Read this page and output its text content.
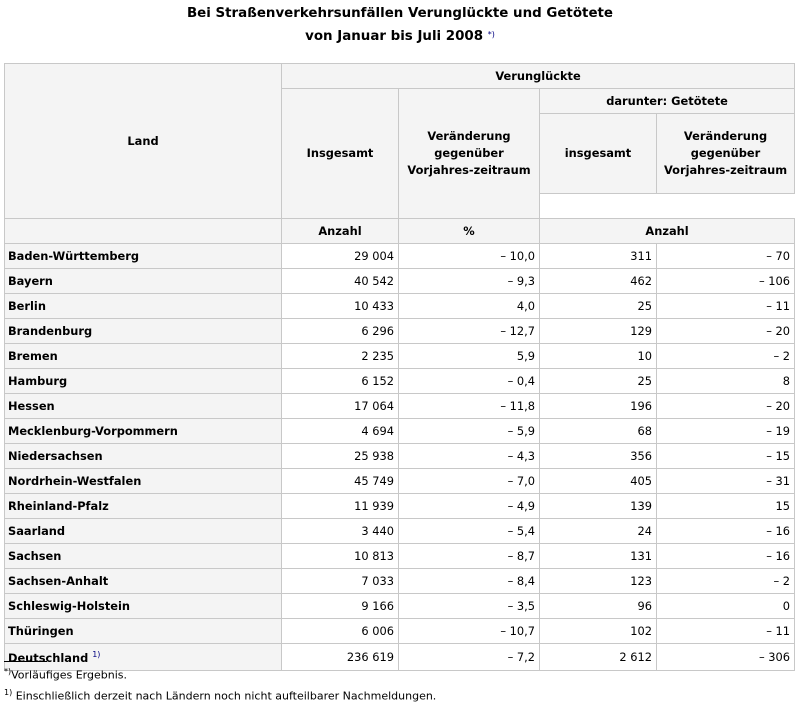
Bei Straßenverkehrsunfällen Verunglückte und Getötete
von Januar bis Juli 2008 *)
Land	Verunglückte			
	Insgesamt	Veränderung gegenüber Vorjahres-zeitraum	darunter: Getötete	
			insgesamt	Veränderung gegenüber Vorjahres-zeitraum

	Anzahl	%	Anzahl	
Baden-Württemberg	29 004	– 10,0	311	– 70
Bayern	40 542	– 9,3	462	– 106
Berlin	10 433	4,0	25	– 11
Brandenburg	6 296	– 12,7	129	– 20
Bremen	2 235	5,9	10	– 2
Hamburg	6 152	– 0,4	25	8
Hessen	17 064	– 11,8	196	– 20
Mecklenburg-Vorpommern	4 694	– 5,9	68	– 19
Niedersachsen	25 938	– 4,3	356	– 15
Nordrhein-Westfalen	45 749	– 7,0	405	– 31
Rheinland-Pfalz	11 939	– 4,9	139	15
Saarland	3 440	– 5,4	24	– 16
Sachsen	10 813	– 8,7	131	– 16
Sachsen-Anhalt	7 033	– 8,4	123	– 2
Schleswig-Holstein	9 166	– 3,5	96	0
Thüringen	6 006	– 10,7	102	– 11
Deutschland $^{1)}$	236 619	– 7,2	2 612	– 306
*)Vorläufiges Ergebnis.
$^{1)}$ Einschließlich derzeit nach Ländern noch nicht aufteilbarer Nachmeldungen.
